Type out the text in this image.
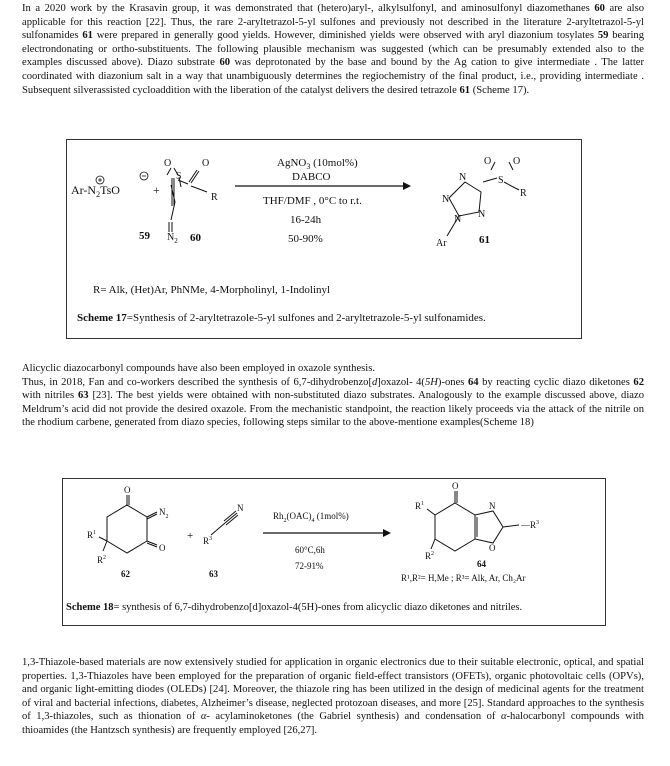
In a 2020 work by the Krasavin group, it was demonstrated that (hetero)aryl-, alkylsulfonyl, and aminosulfonyl diazomethanes 60 are also applicable for this reaction [22]. Thus, the rare 2-aryltetrazol-5-yl sulfones and previously not described in the literature 2-aryltetrazol-5-yl sulfonamides 61 were prepared in generally good yields. However, diminished yields were observed with aryl diazonium tosylates 59 bearing electrondonating or ortho-substituents. The following plausible mechanism was suggested (which can be presumably extended also to the examples discussed above). Diazo substrate 60 was deprotonated by the base and bound by the Ag cation to give intermediate . The latter coordinated with diazonium salt in a way that unambiguously determines the regiochemistry of the final product, i.e., providing intermediate . Subsequent silverassisted cycloaddition with the liberation of the catalyst delivers the desired tetrazole 61 (Scheme 17).

$Ar-N_2TsO$
59
+
O
S
O
R
$N_2$ 60
AgNO$_3$ (10mol%)
DABCO
THF/DMF , 0°C to r.t.
16-24h
50-90%
N
N
N N
S
O O
R
Ar	61
R= Alk, (Het)Ar, PhNMe, 4-Morpholinyl, 1-Indolinyl
Scheme 17=Synthesis of 2-aryltetrazole-5-yl sulfones and 2-aryltetrazole-5-yl sulfonamides.

Alicyclic diazocarbonyl compounds have also been employed in oxazole synthesis.
Thus, in 2018, Fan and co-workers described the synthesis of 6,7-dihydrobenzo[d]oxazol- 4(5H)-ones 64 by reacting cyclic diazo diketones 62 with nitriles 63 [23]. The best yields were obtained with non-substituted diazo substrates. Analogously to the example discussed above, diazo Meldrum’s acid did not provide the desired oxazole. From the mechanistic standpoint, the reaction likely proceeds via the attack of the nitrile on the rhodium carbene, generated from diazo species, following steps similar to the above-mentione examples(Scheme 18)

O
$N_2$
O
$R^1$
$R^2$
62
+ $R^3$
N
63
$Rh_2(OAC)_4$ (1mol%)
60°C,6h
72-91%
O
N
O
$—R^3$
$R^1$
$R^2$
64
R¹,R²= H,Me ; R³= Alk, Ar, Ch₂Ar
Scheme 18= synthesis of 6,7-dihydrobenzo[d]oxazol-4(5H)-ones from alicyclic diazo diketones and nitriles.

1,3-Thiazole-based materials are now extensively studied for application in organic electronics due to their suitable electronic, optical, and spatial properties. 1,3-Thiazoles have been employed for the preparation of organic field-effect transistors (OFETs), organic photovoltaic cells (OPVs), and organic light-emitting diodes (OLEDs) [24]. Moreover, the thiazole ring has been utilized in the design of medicinal agents for the treatment of viral and bacterial infections, diabetes, Alzheimer’s disease, neglected protozoan diseases, and more [25]. Standard approaches to the synthesis of 1,3-thiazoles, such as thionation of α- acylaminoketones (the Gabriel synthesis) and condensation of α-halocarbonyl compounds with thioamides (the Hantzsch synthesis) are frequently employed [26,27].
